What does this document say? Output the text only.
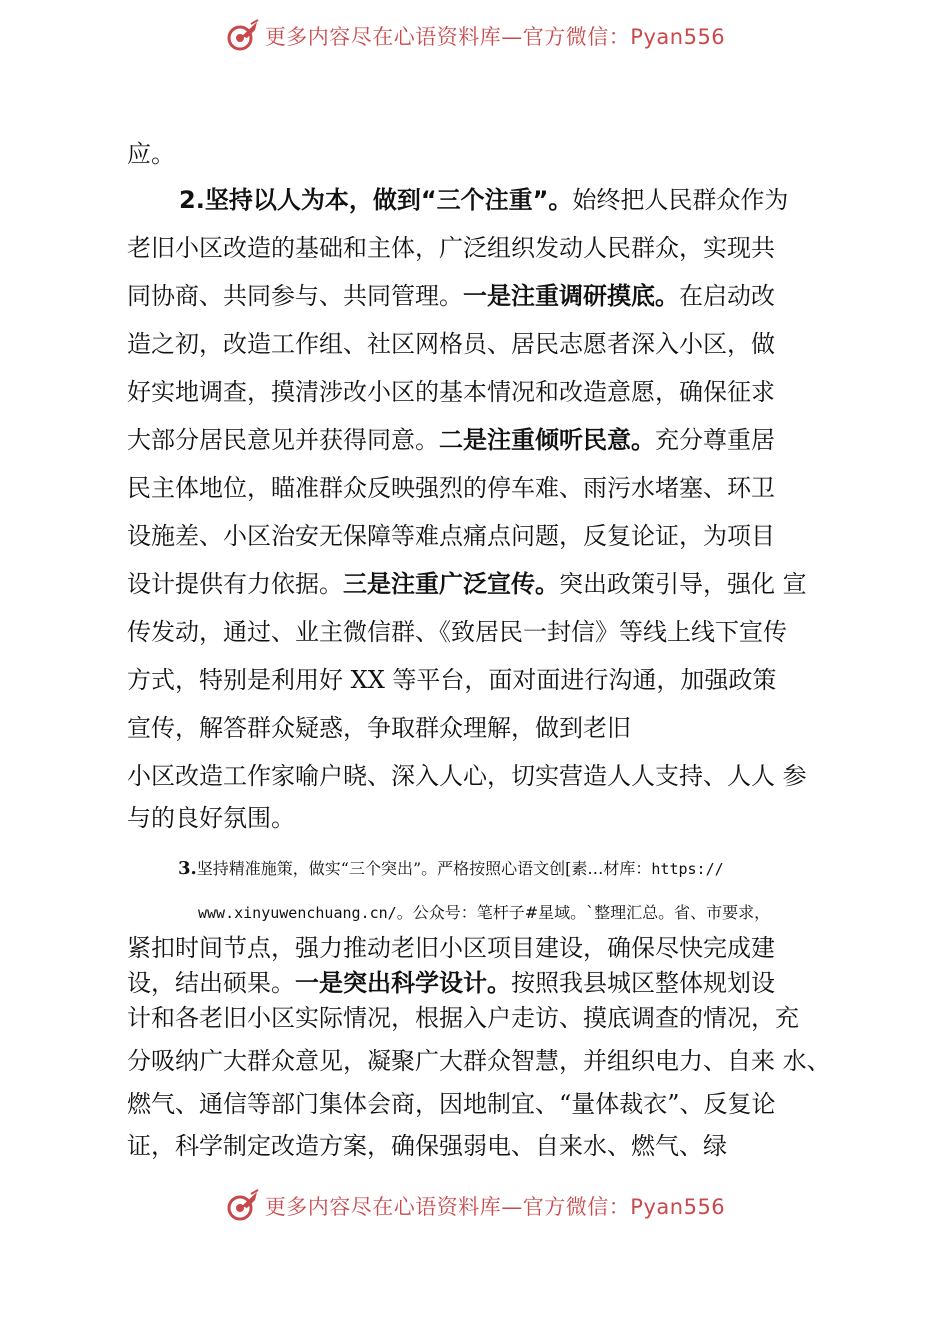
更多内容尽在心语资料库—官方微信：Pyan556
应。
2.坚持以人为本，做到“三个注重”。始终把人民群众作为
老旧小区改造的基础和主体，广泛组织发动人民群众，实现共
同协商、共同参与、共同管理。一是注重调研摸底。在启动改
造之初，改造工作组、社区网格员、居民志愿者深入小区，做
好实地调查，摸清涉改小区的基本情况和改造意愿，确保征求
大部分居民意见并获得同意。二是注重倾听民意。充分尊重居
民主体地位，瞄准群众反映强烈的停车难、雨污水堵塞、环卫
设施差、小区治安无保障等难点痛点问题，反复论证，为项目
设计提供有力依据。三是注重广泛宣传。突出政策引导，强化 宣
传发动，通过、业主微信群、《致居民一封信》等线上线下宣传
方式，特别是利用好 XX 等平台，面对面进行沟通，加强政策
宣传，解答群众疑惑，争取群众理解，做到老旧
小区改造工作家喻户晓、深入人心，切实营造人人支持、人人 参
与的良好氛围。
3.坚持精准施策，做实“三个突出”。严格按照心语文创[素…材库：https://
www.xinyuwenchuang.cn/。公众号：笔杆子#星域。`整理汇总。省、市要求，
紧扣时间节点，强力推动老旧小区项目建设，确保尽快完成建
设，结出硕果。一是突出科学设计。按照我县城区整体规划设
计和各老旧小区实际情况，根据入户走访、摸底调查的情况，充
分吸纳广大群众意见，凝聚广大群众智慧，并组织电力、自来 水、
燃气、通信等部门集体会商，因地制宜、“量体裁衣”、反复论
证，科学制定改造方案，确保强弱电、自来水、燃气、绿
更多内容尽在心语资料库—官方微信：Pyan556
